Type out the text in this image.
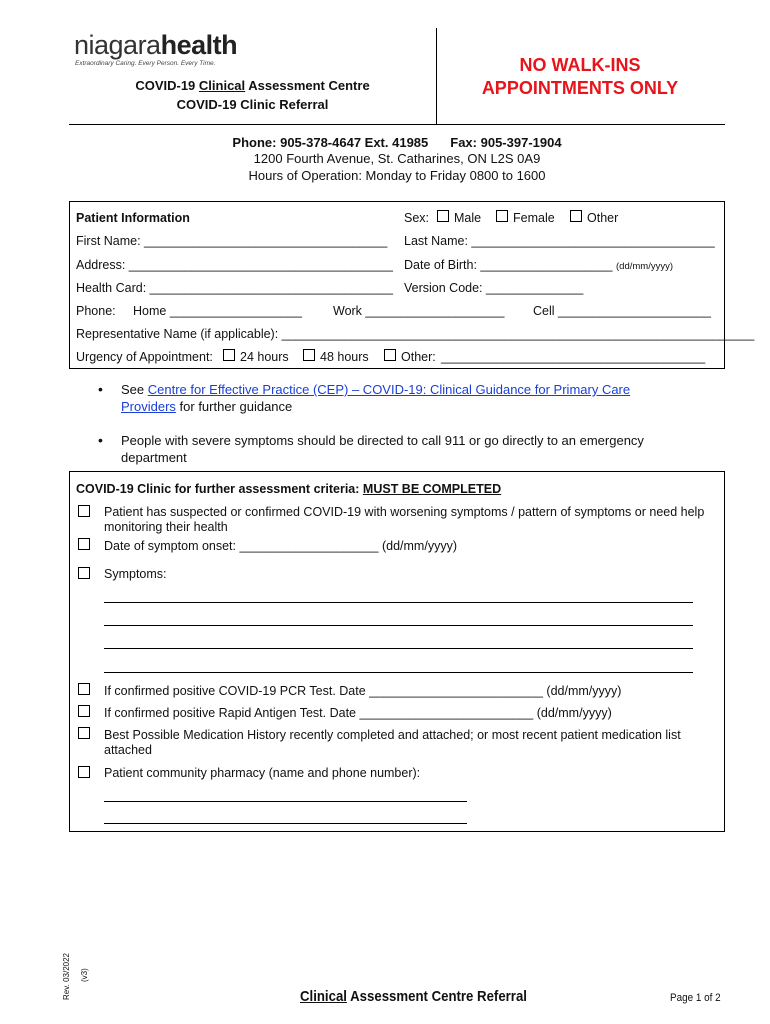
niagarahealth
Extraordinary Caring. Every Person. Every Time.
COVID-19 Clinical Assessment Centre
COVID-19 Clinic Referral
NO WALK-INS
APPOINTMENTS ONLY
Phone: 905-378-4647 Ext. 41985 Fax: 905-397-1904
1200 Fourth Avenue, St. Catharines, ON L2S 0A9
Hours of Operation: Monday to Friday 0800 to 1600
Patient Information	Sex: Male	Female	Other
First Name: ___________________________________ Last Name: ___________________________________
Address: ______________________________________ Date of Birth: ___________________ (dd/mm/yyyy)
Health Card: ___________________________________ Version Code: ______________
Phone: Home ___________________ Work ____________________ Cell ______________________
Representative Name (if applicable): ____________________________________________________________________
Urgency of Appointment: 24 hours	48 hours	Other: ______________________________________
• See Centre for Effective Practice (CEP) – COVID-19: Clinical Guidance for Primary Care
Providers for further guidance
• People with severe symptoms should be directed to call 911 or go directly to an emergency
department
COVID-19 Clinic for further assessment criteria: MUST BE COMPLETED
Patient has suspected or confirmed COVID-19 with worsening symptoms / pattern of symptoms or need help
monitoring their health
Date of symptom onset: ____________________ (dd/mm/yyyy)
Symptoms:
If confirmed positive COVID-19 PCR Test. Date _________________________ (dd/mm/yyyy)
If confirmed positive Rapid Antigen Test. Date _________________________ (dd/mm/yyyy)
Best Possible Medication History recently completed and attached; or most recent patient medication list
attached
Patient community pharmacy (name and phone number):
Rev. 03/2022 (v3)
Clinical Assessment Centre Referral	Page 1 of 2
